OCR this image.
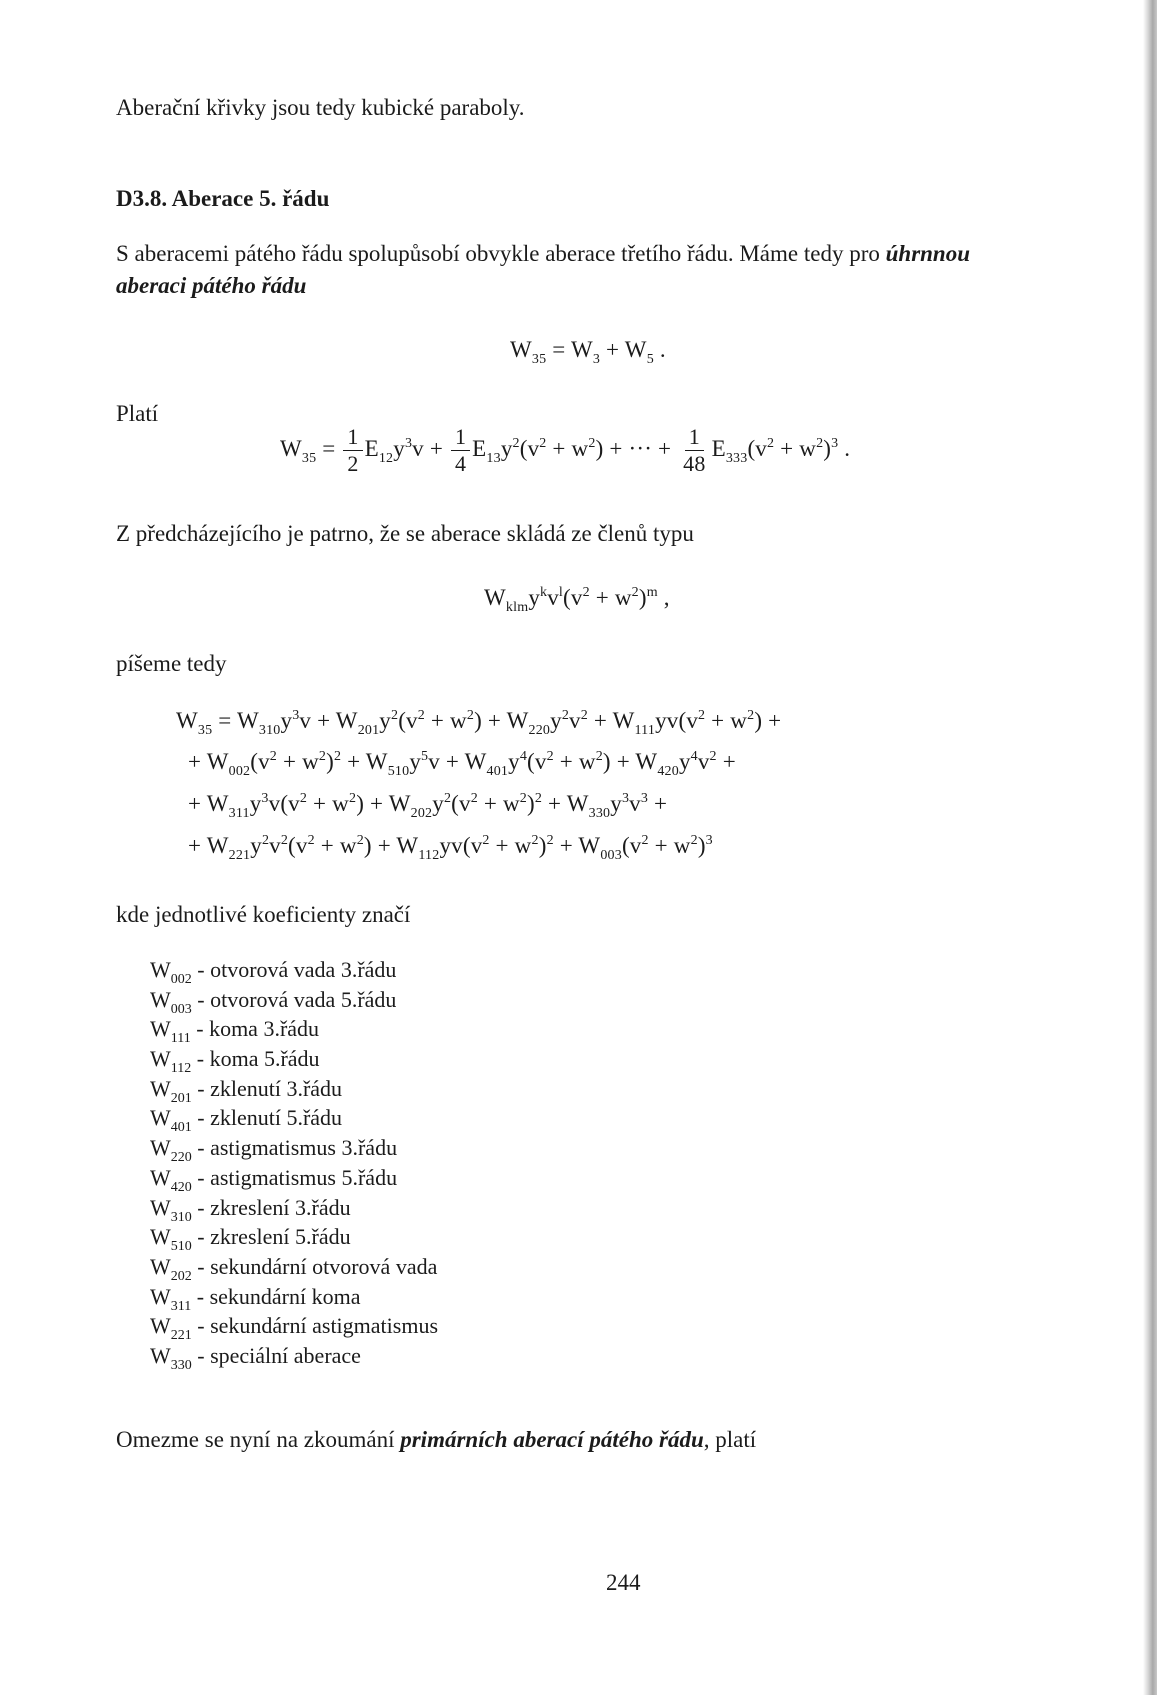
Aberační křivky jsou tedy kubické paraboly.
D3.8. Aberace 5. řádu
S aberacemi pátého řádu spolupůsobí obvykle aberace třetího řádu. Máme tedy pro úhrnnou
aberaci pátého řádu
$W_{35} = W_3 + W_5$ .
Platí
$W_{35} = \frac{1}{2} E_{12}y^3v + \frac{1}{4} E_{13}y^2(v^2 + w^2)$ + ··· + $\frac{1}{48} E_{333}(v^2 + w^2)^3$ .
Z předcházejícího je patrno, že se aberace skládá ze členů typu
$W_{klm}y^kv^l(v^2 + w^2)^m$ ,
píšeme tedy
$W_{35} = W_{310}y^3v + W_{201}y^2(v^2 + w^2) + W_{220}y^2v^2 + W_{111}yv(v^2 + w^2)$ +
+ $W_{002}(v^2 + w^2)^2 + W_{510}y^5v + W_{401}y^4(v^2 + w^2) + W_{420}y^4v^2$ +
+ $W_{311}y^3v(v^2 + w^2) + W_{202}y^2(v^2 + w^2)^2 + W_{330}y^3v^3$ +
+ $W_{221}y^2v^2(v^2 + w^2) + W_{112}yv(v^2 + w^2)^2 + W_{003}(v^2 + w^2)^3$
kde jednotlivé koeficienty značí
$W_{002}$ - otvorová vada 3.řádu
$W_{003}$ - otvorová vada 5.řádu
$W_{111}$ - koma 3.řádu
$W_{112}$ - koma 5.řádu
$W_{201}$ - zklenutí 3.řádu
$W_{401}$ - zklenutí 5.řádu
$W_{220}$ - astigmatismus 3.řádu
$W_{420}$ - astigmatismus 5.řádu
$W_{310}$ - zkreslení 3.řádu
$W_{510}$ - zkreslení 5.řádu
$W_{202}$ - sekundární otvorová vada
$W_{311}$ - sekundární koma
$W_{221}$ - sekundární astigmatismus
$W_{330}$ - speciální aberace
Omezme se nyní na zkoumání primárních aberací pátého řádu, platí
244
